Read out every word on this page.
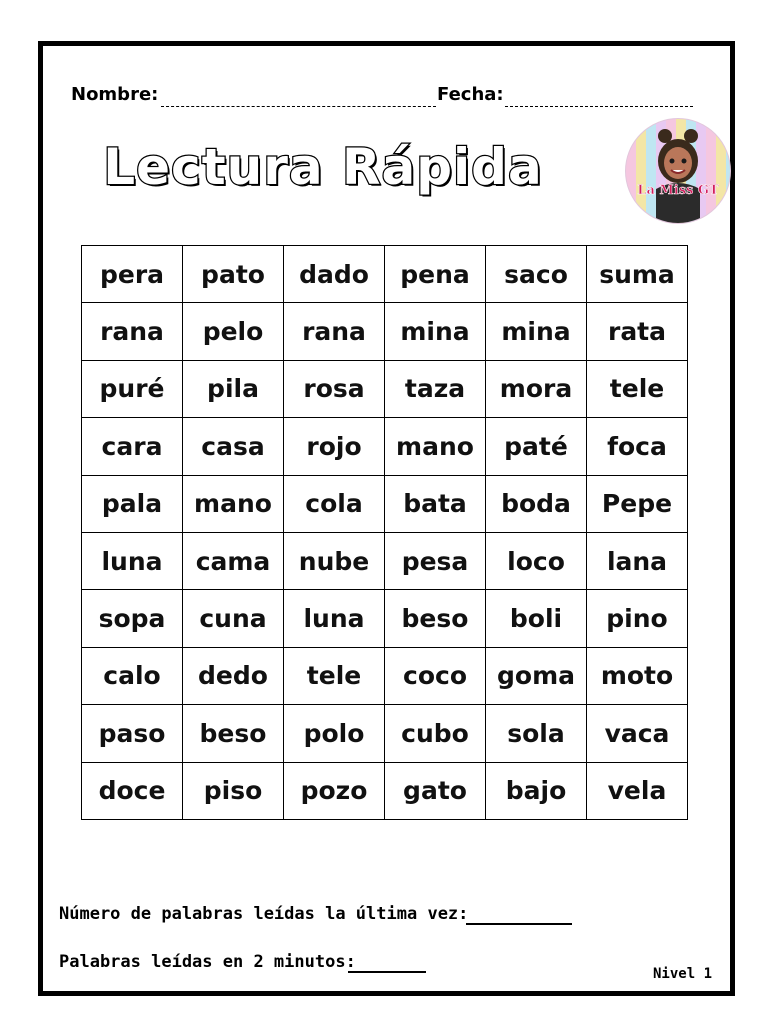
Nombre:	Fecha:
Lectura Rápida	La Miss GT
pera	pato	dado	pena	saco	suma
rana	pelo	rana	mina	mina	rata
puré	pila	rosa	taza	mora	tele
cara	casa	rojo	mano	paté	foca
pala	mano	cola	bata	boda	Pepe
luna	cama	nube	pesa	loco	lana
sopa	cuna	luna	beso	boli	pino
calo	dedo	tele	coco	goma	moto
paso	beso	polo	cubo	sola	vaca
doce	piso	pozo	gato	bajo	vela
Número de palabras leídas la última vez:
Palabras leídas en 2 minutos:
Nivel 1
